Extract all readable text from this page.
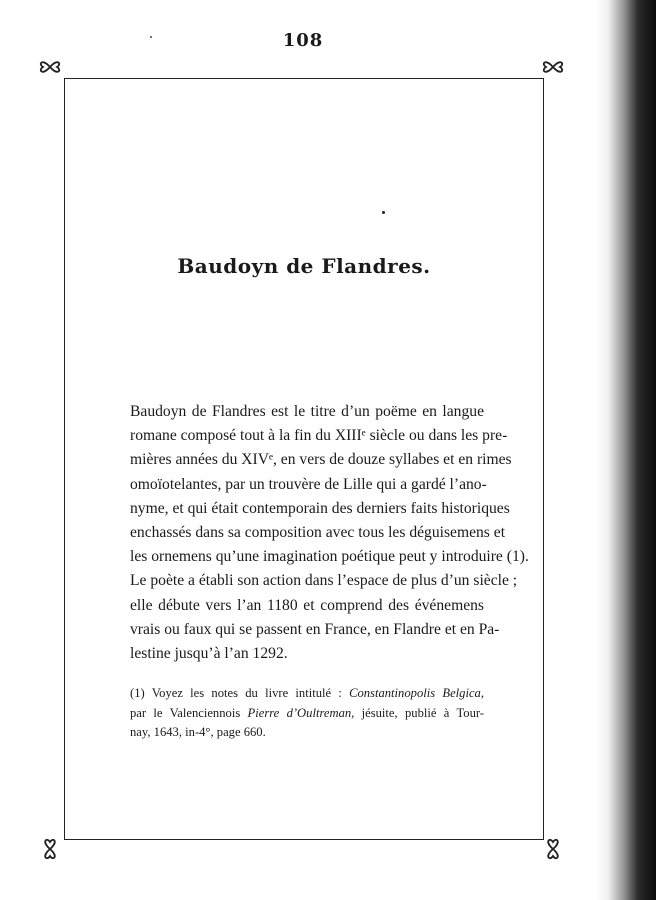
108
Baudoyn de Flandres.
Baudoyn de Flandres est le titre d’un poëme en langue
romane composé tout à la fin du XIIIᵉ siècle ou dans les pre-
mières années du XIVᵉ, en vers de douze syllabes et en rimes
omoïotelantes, par un trouvère de Lille qui a gardé l’ano-
nyme, et qui était contemporain des derniers faits historiques
enchassés dans sa composition avec tous les déguisemens et
les ornemens qu’une imagination poétique peut y introduire (1).
Le poète a établi son action dans l’espace de plus d’un siècle ;
elle débute vers l’an 1180 et comprend des événemens
vrais ou faux qui se passent en France, en Flandre et en Pa-
lestine jusqu’à l’an 1292.
(1) Voyez les notes du livre intitulé : Constantinopolis Belgica,
par le Valenciennois Pierre d’Oultreman, jésuite, publié à Tour-
nay, 1643, in-4°, page 660.
